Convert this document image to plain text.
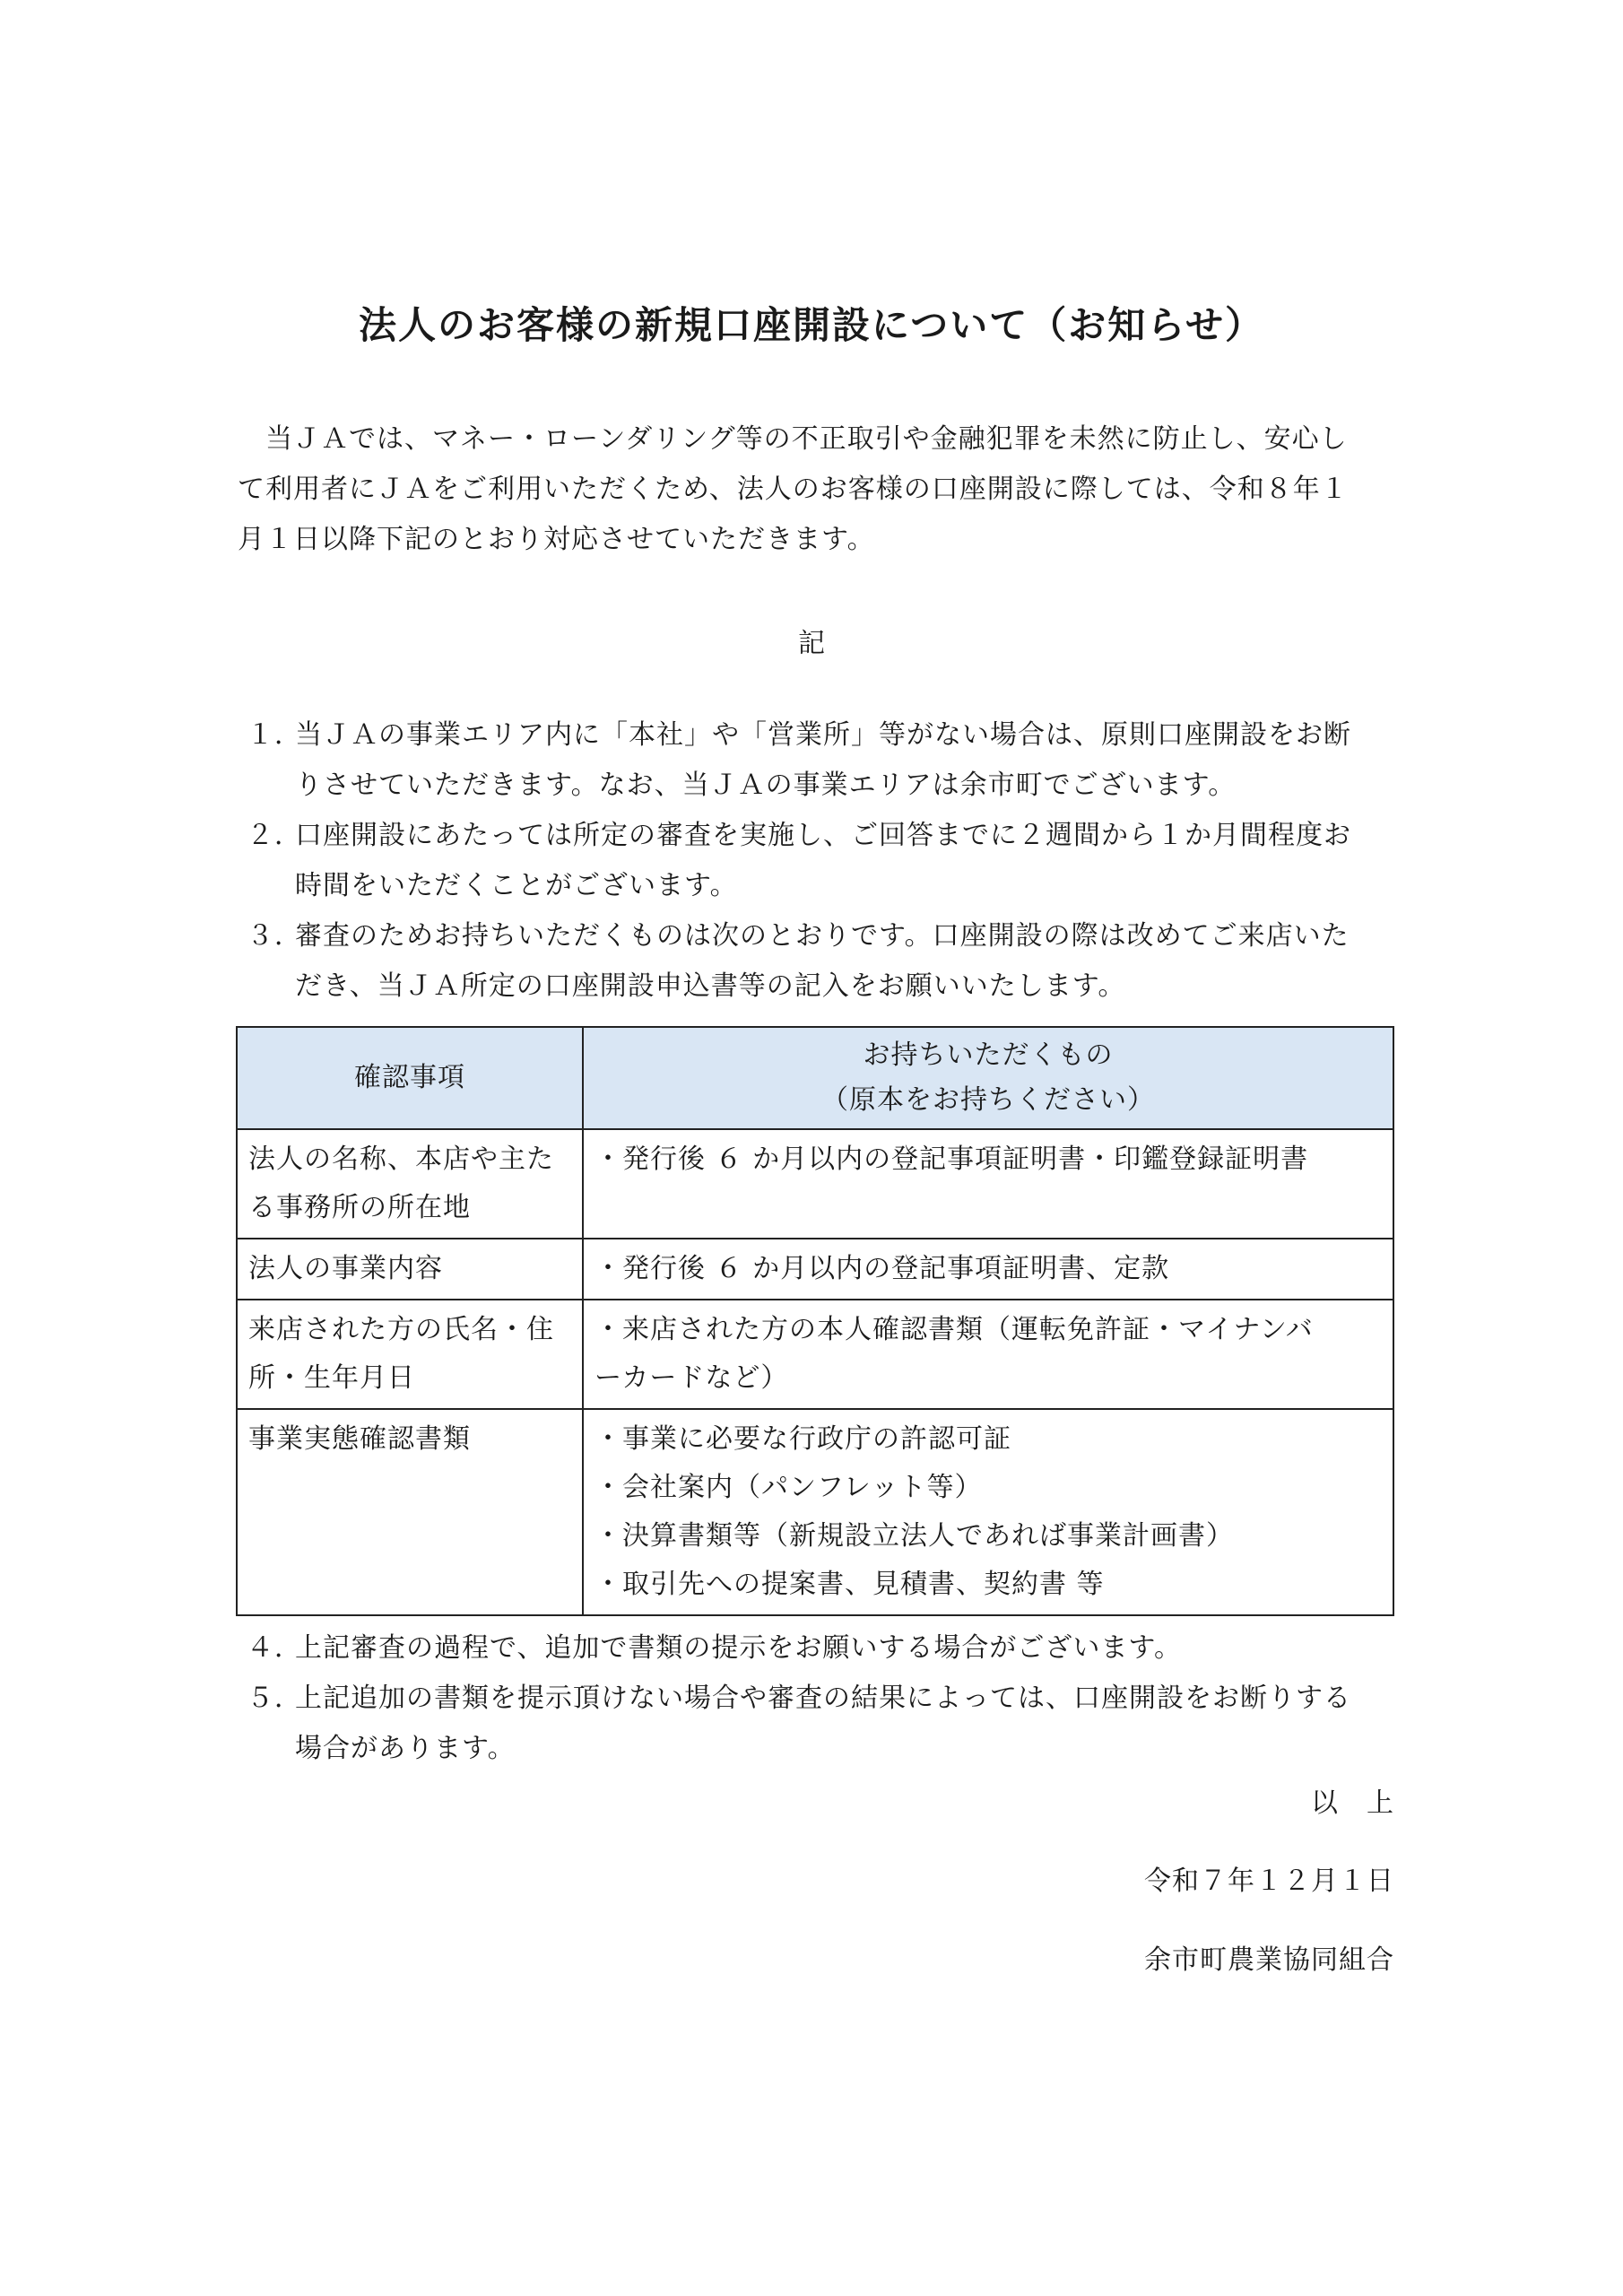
法人のお客様の新規口座開設について（お知らせ）

　当ＪＡでは、マネー・ローンダリング等の不正取引や金融犯罪を未然に防止し、安心し

て利用者にＪＡをご利用いただくため、法人のお客様の口座開設に際しては、令和８年１

月１日以降下記のとおり対応させていただきます。

記
１．
当ＪＡの事業エリア内に「本社」や「営業所」等がない場合は、原則口座開設をお断
りさせていただきます。なお、当ＪＡの事業エリアは余市町でございます。
２．
口座開設にあたっては所定の審査を実施し、ご回答までに２週間から１か月間程度お
時間をいただくことがございます。
３．
審査のためお持ちいただくものは次のとおりです。口座開設の際は改めてご来店いた
だき、当ＪＡ所定の口座開設申込書等の記入をお願いいたします。
確認事項	お持ちいただくもの
（原本をお持ちください）

法人の名称、本店や主た
る事務所の所在地	・発行後 ６ か月以内の登記事項証明書・印鑑登録証明書

法人の事業内容	・発行後 ６ か月以内の登記事項証明書、定款

来店された方の氏名・住
所・生年月日	・来店された方の本人確認書類（運転免許証・マイナンバ
ーカードなど）

事業実態確認書類	・事業に必要な行政庁の許認可証
・会社案内（パンフレット等）
・決算書類等（新規設立法人であれば事業計画書）
・取引先への提案書、見積書、契約書 等
４．
上記審査の過程で、追加で書類の提示をお願いする場合がございます。
５．
上記追加の書類を提示頂けない場合や審査の結果によっては、口座開設をお断りする
場合があります。
以　上
令和７年１２月１日
余市町農業協同組合
